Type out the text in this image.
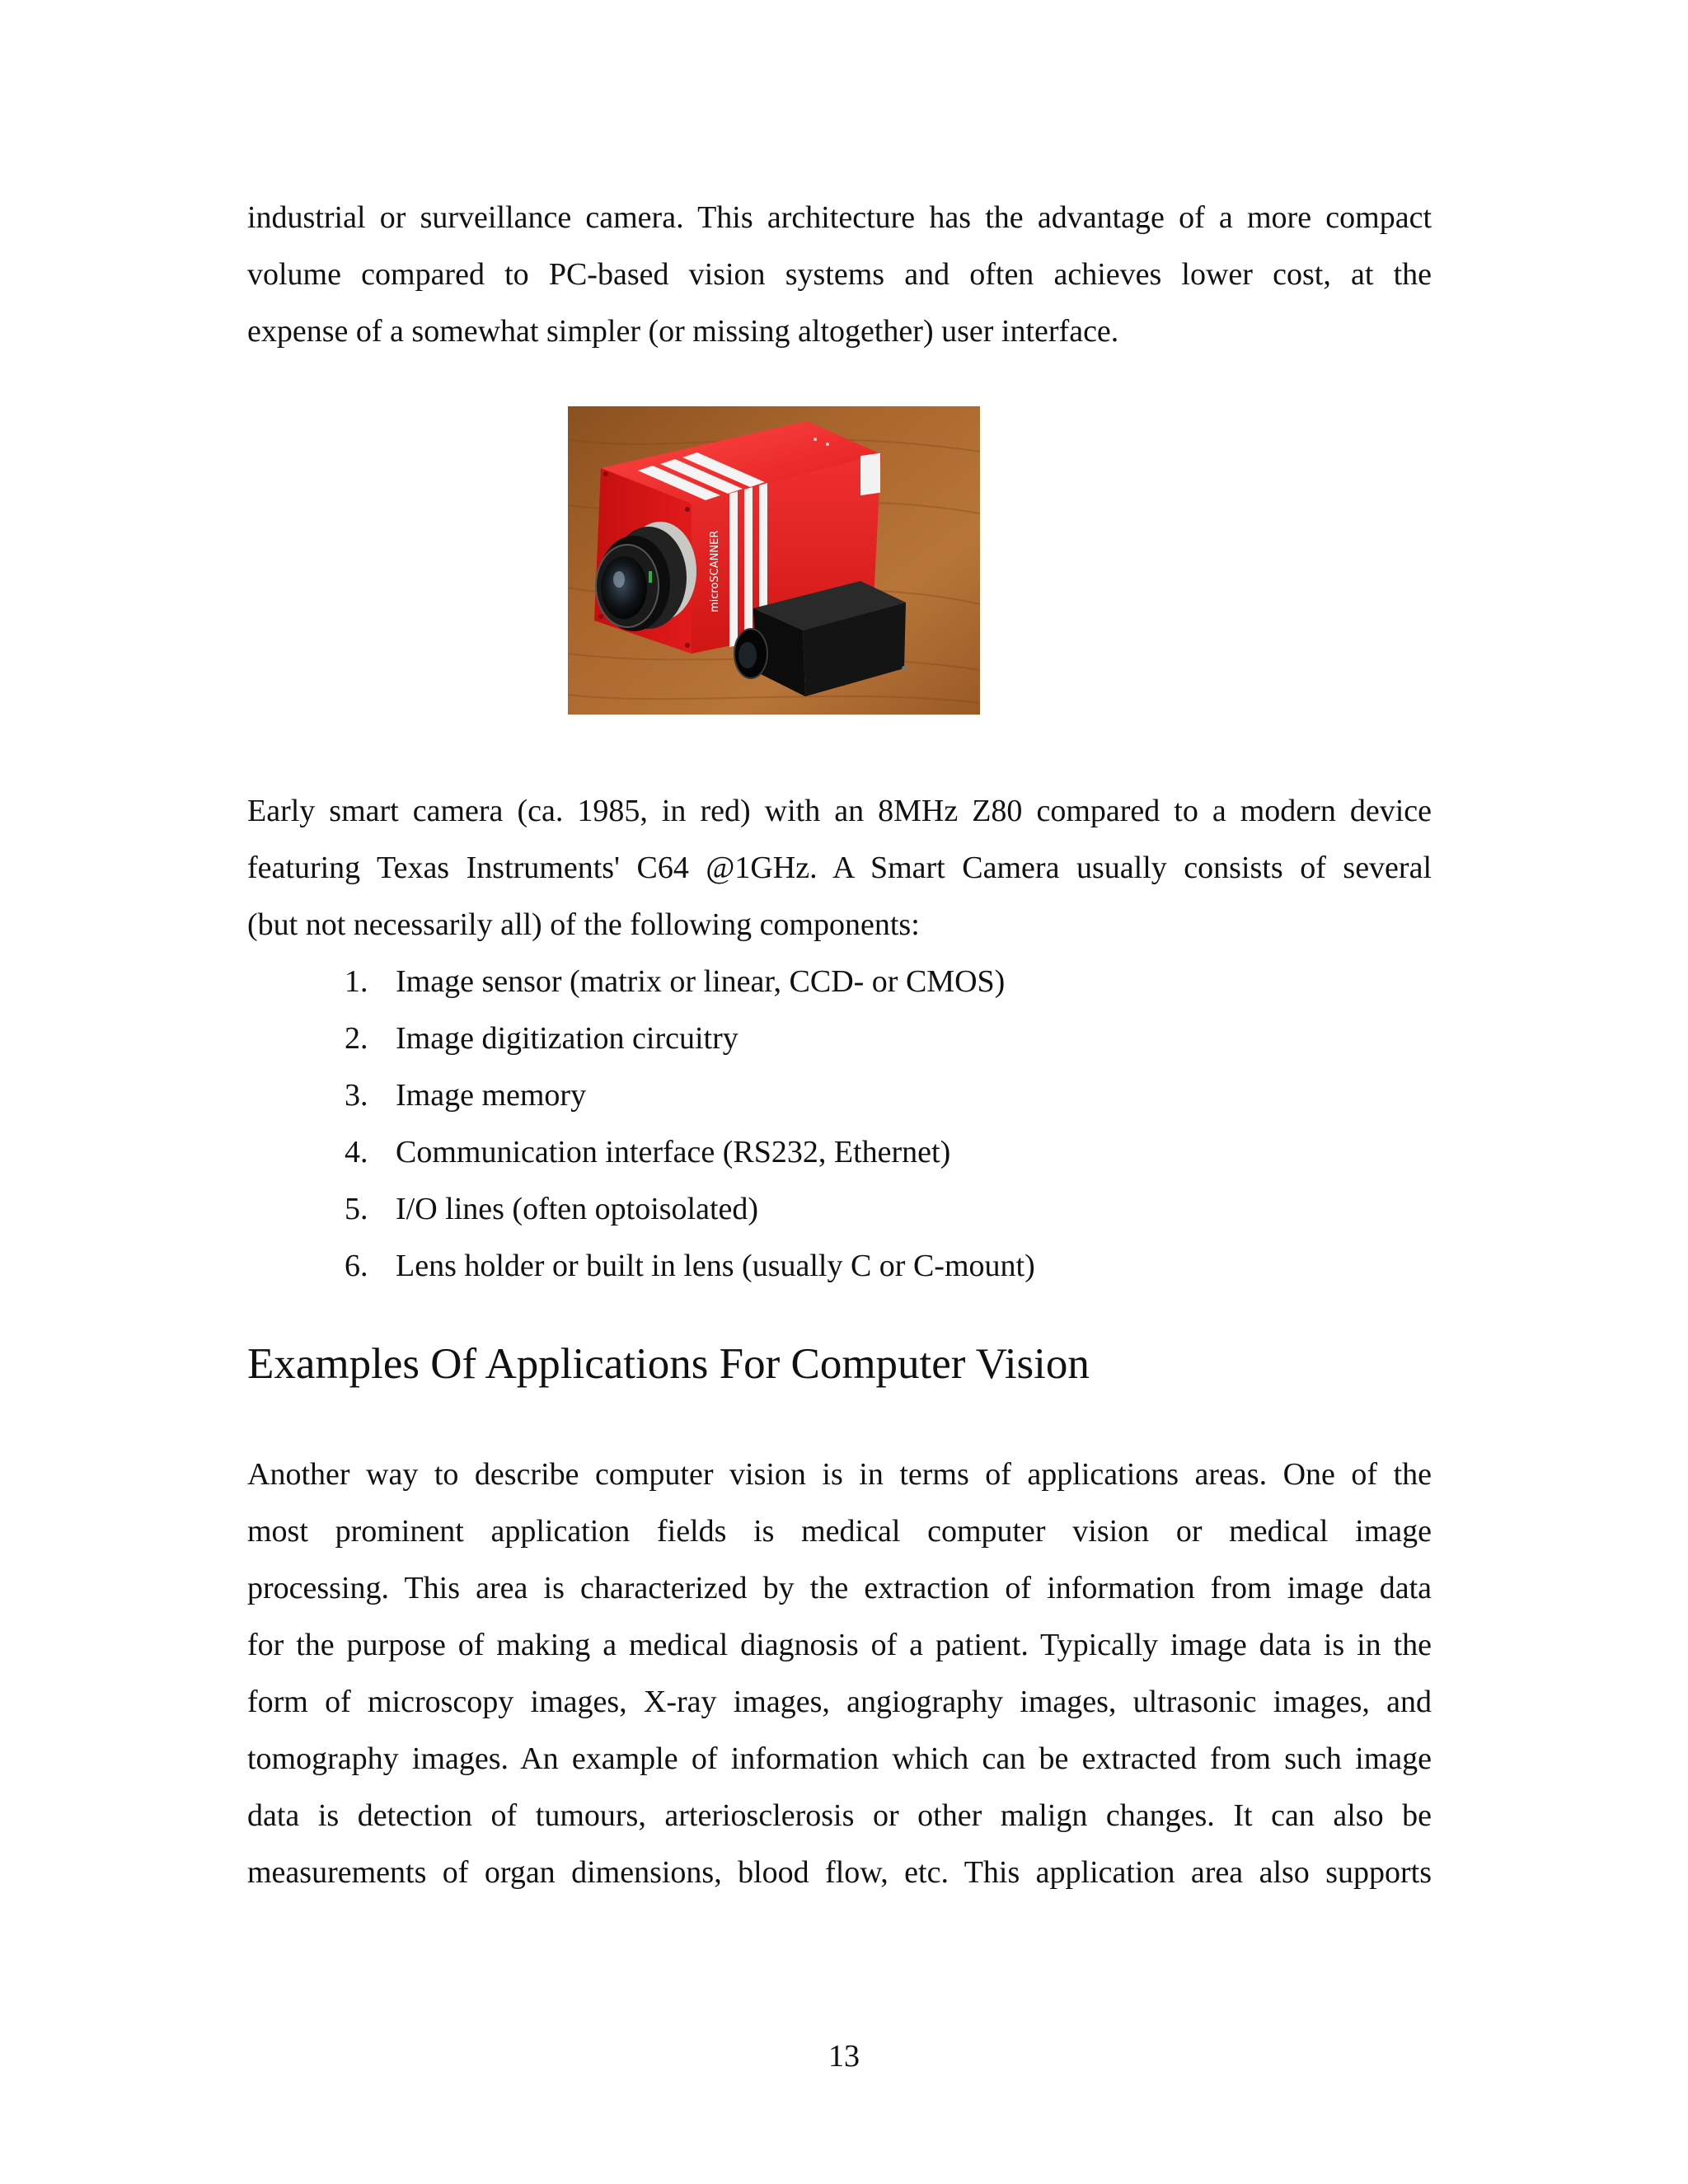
industrial or surveillance camera. This architecture has the advantage of a more compact
volume compared to PC-based vision systems and often achieves lower cost, at the
expense of a somewhat simpler (or missing altogether) user interface.
microSCANNER
Early smart camera (ca. 1985, in red) with an 8MHz Z80 compared to a modern device
featuring Texas Instruments' C64 @1GHz. A Smart Camera usually consists of several
(but not necessarily all) of the following components:
1. Image sensor (matrix or linear, CCD- or CMOS)
2. Image digitization circuitry
3. Image memory
4. Communication interface (RS232, Ethernet)
5. I/O lines (often optoisolated)
6. Lens holder or built in lens (usually C or C-mount)
Examples Of Applications For Computer Vision
Another way to describe computer vision is in terms of applications areas. One of the
most prominent application fields is medical computer vision or medical image
processing. This area is characterized by the extraction of information from image data
for the purpose of making a medical diagnosis of a patient. Typically image data is in the
form of microscopy images, X-ray images, angiography images, ultrasonic images, and
tomography images. An example of information which can be extracted from such image
data is detection of tumours, arteriosclerosis or other malign changes. It can also be
measurements of organ dimensions, blood flow, etc. This application area also supports
13
